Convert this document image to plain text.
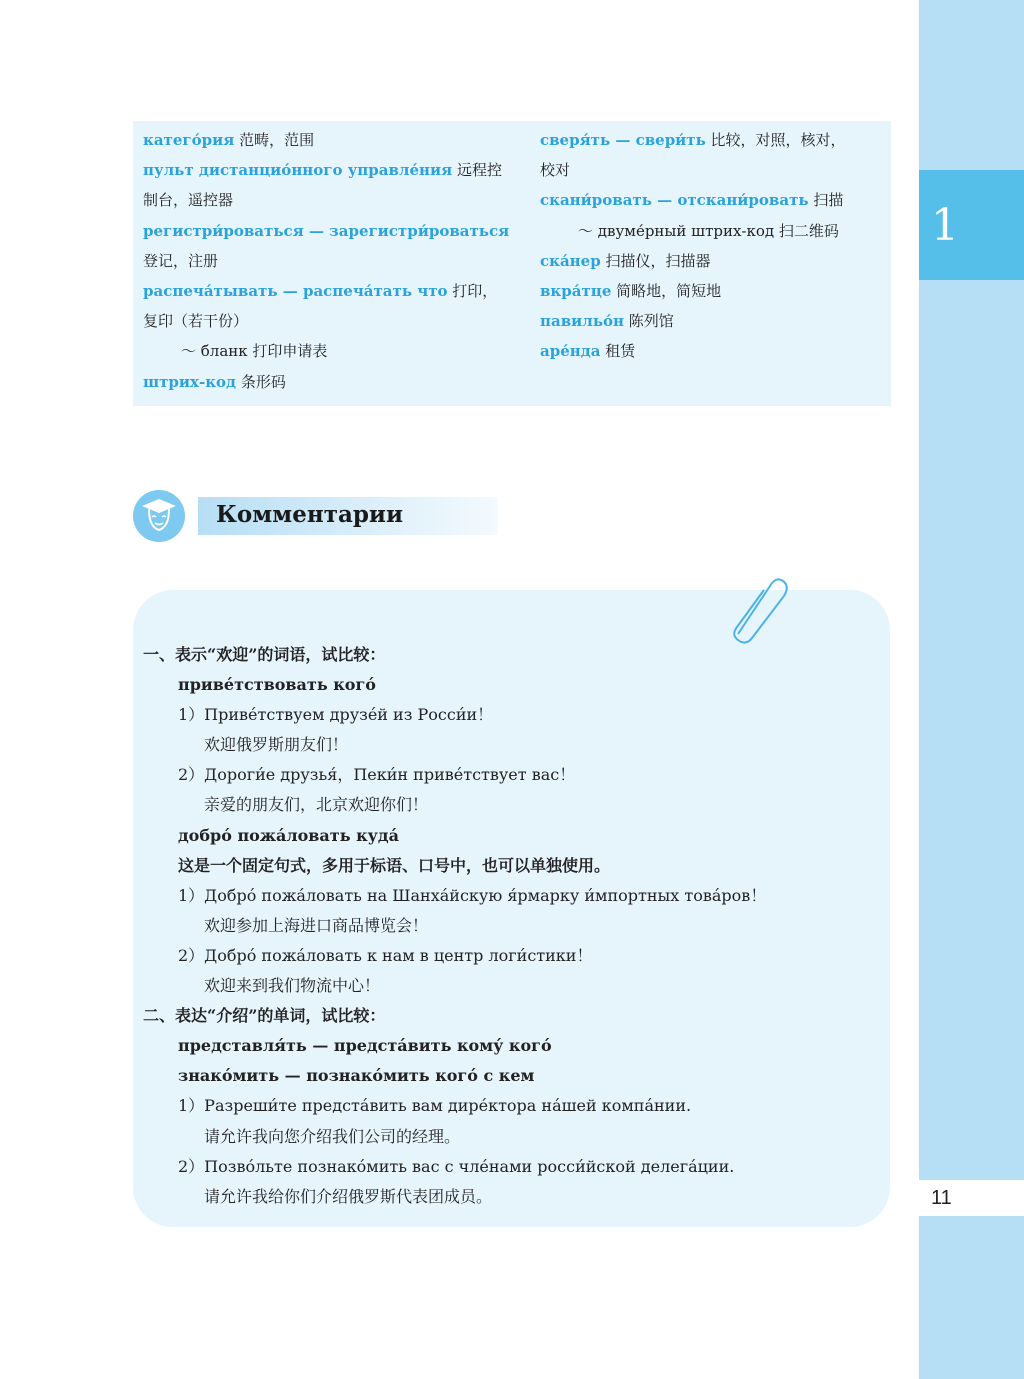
1
11
катего́рия 范畴，范围
пульт дистанцио́нного управле́ния 远程控
制台，遥控器
регистри́роваться — зарегистри́роваться
登记，注册
распеча́тывать — распеча́тать что 打印，
复印（若干份）
～ бланк 打印申请表
штрих-код 条形码
сверя́ть — свери́ть 比较，对照，核对，
校对
скани́ровать — отскани́ровать 扫描
～ двуме́рный штрих-код 扫二维码
ска́нер 扫描仪，扫描器
вкра́тце 简略地，简短地
павильо́н 陈列馆
аре́нда 租赁
Комментарии
一、表示“欢迎”的词语，试比较：
приве́тствовать кого́
1）Приве́тствуем друзе́й из Росси́и！
欢迎俄罗斯朋友们！
2）Дороги́е друзья́，Пеки́н приве́тствует вас！
亲爱的朋友们，北京欢迎你们！
добро́ пожа́ловать куда́
这是一个固定句式，多用于标语、口号中，也可以单独使用。
1）Добро́ пожа́ловать на Шанха́йскую я́рмарку и́мпортных това́ров！
欢迎参加上海进口商品博览会！
2）Добро́ пожа́ловать к нам в центр логи́стики！
欢迎来到我们物流中心！
二、表达“介绍”的单词，试比较：
представля́ть — предста́вить кому́ кого́
знако́мить — познако́мить кого́ с кем
1）Разреши́те предста́вить вам дире́ктора на́шей компа́нии.
请允许我向您介绍我们公司的经理。
2）Позво́льте познако́мить вас с чле́нами росси́йской делега́ции.
请允许我给你们介绍俄罗斯代表团成员。
